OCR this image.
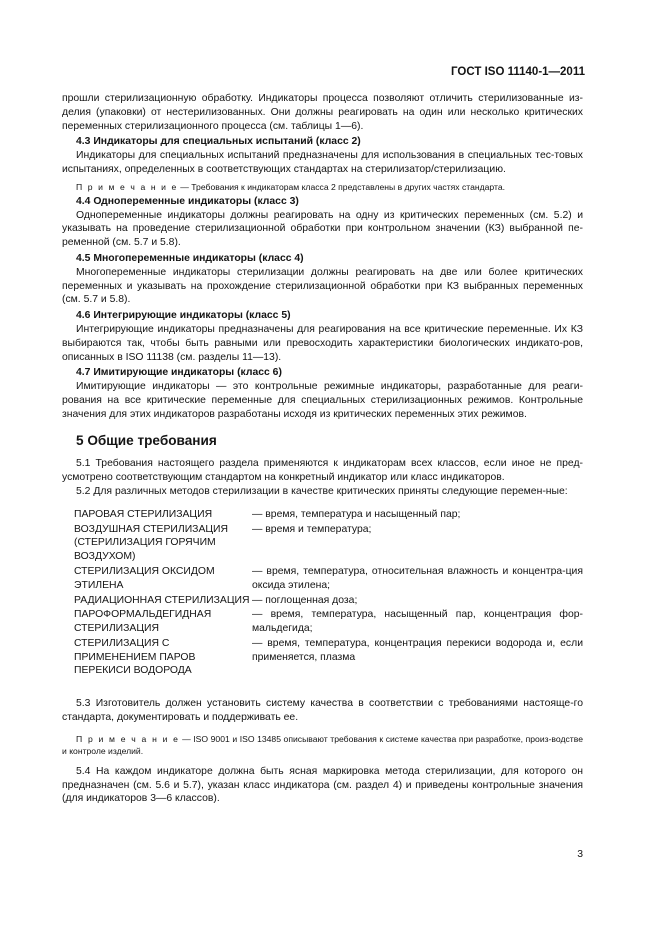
ГОСТ ISO 11140-1—2011

прошли стерилизационную обработку. Индикаторы процесса позволяют отличить стерилизованные из-делия (упаковки) от нестерилизованных. Они должны реагировать на один или несколько критических переменных стерилизационного процесса (см. таблицы 1—6).

4.3 Индикаторы для специальных испытаний (класс 2)

Индикаторы для специальных испытаний предназначены для использования в специальных тес-товых испытаниях, определенных в соответствующих стандартах на стерилизатор/стерилизацию.

П р и м е ч а н и е — Требования к индикаторам класса 2 представлены в других частях стандарта.

4.4 Однопеременные индикаторы (класс 3)

Однопеременные индикаторы должны реагировать на одну из критических переменных (см. 5.2) и указывать на проведение стерилизационной обработки при контрольном значении (КЗ) выбранной пе-ременной (см. 5.7 и 5.8).

4.5 Многопеременные индикаторы (класс 4)

Многопеременные индикаторы стерилизации должны реагировать на две или более критических переменных и указывать на прохождение стерилизационной обработки при КЗ выбранных переменных (см. 5.7 и 5.8).

4.6 Интегрирующие индикаторы (класс 5)

Интегрирующие индикаторы предназначены для реагирования на все критические переменные. Их КЗ выбираются так, чтобы быть равными или превосходить характеристики биологических индикато-ров, описанных в ISO 11138 (см. разделы 11—13).

4.7 Имитирующие индикаторы (класс 6)

Имитирующие индикаторы — это контрольные режимные индикаторы, разработанные для реаги-рования на все критические переменные для специальных стерилизационных режимов. Контрольные значения для этих индикаторов разработаны исходя из критических переменных этих режимов.

5 Общие требования

5.1 Требования настоящего раздела применяются к индикаторам всех классов, если иное не пред-усмотрено соответствующим стандартом на конкретный индикатор или класс индикаторов.

5.2 Для различных методов стерилизации в качестве критических приняты следующие перемен-ные:

ПАРОВАЯ СТЕРИЛИЗАЦИЯ	— время, температура и насыщенный пар;
ВОЗДУШНАЯ СТЕРИЛИЗАЦИЯ (СТЕРИЛИЗАЦИЯ ГОРЯЧИМ ВОЗДУХОМ)	— время и температура;
СТЕРИЛИЗАЦИЯ ОКСИДОМ ЭТИЛЕНА	— время, температура, относительная влажность и концентра-ция оксида этилена;
РАДИАЦИОННАЯ СТЕРИЛИЗАЦИЯ	— поглощенная доза;
ПАРОФОРМАЛЬДЕГИДНАЯ СТЕРИЛИЗАЦИЯ	— время, температура, насыщенный пар, концентрация фор-мальдегида;
СТЕРИЛИЗАЦИЯ С ПРИМЕНЕНИЕМ ПАРОВ ПЕРЕКИСИ ВОДОРОДА	— время, температура, концентрация перекиси водорода и, если применяется, плазма

5.3 Изготовитель должен установить систему качества в соответствии с требованиями настояще-го стандарта, документировать и поддерживать ее.

П р и м е ч а н и е — ISO 9001 и ISO 13485 описывают требования к системе качества при разработке, произ-водстве и контроле изделий.

5.4 На каждом индикаторе должна быть ясная маркировка метода стерилизации, для которого он предназначен (см. 5.6 и 5.7), указан класс индикатора (см. раздел 4) и приведены контрольные значения (для индикаторов 3—6 классов).

3
